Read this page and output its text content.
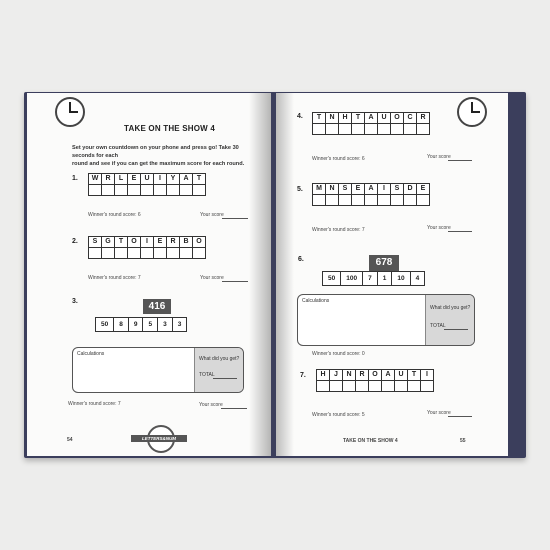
TAKE ON THE SHOW 4
Set your own countdown on your phone and press go! Take 30 seconds for each
round and see if you can get the maximum score for each round.
1.	W	R	L	E	U	I	Y	A	T
Winner's round score: 6	Your score
2.	S	G	T	O	I	E	R	B	O
Winner's round score: 7	Your score
3.	416
50	8	9	5	3	3
Calculations
What did you get?
TOTAL
Winner's round score: 7	Your score
54	LETTERS&NUM
4.	T	N	H	T	A	U	O	C	R
Winner's round score: 6	Your score
5.	M	N	S	E	A	I	S	D	E
Winner's round score: 7	Your score
6.	678
50	100	7	1	10	4
Calculations
What did you get?
TOTAL
Winner's round score: 0
7.	H	J	N	R	O	A	U	T	I
Winner's round score: 5	Your score
TAKE ON THE SHOW 4	55
